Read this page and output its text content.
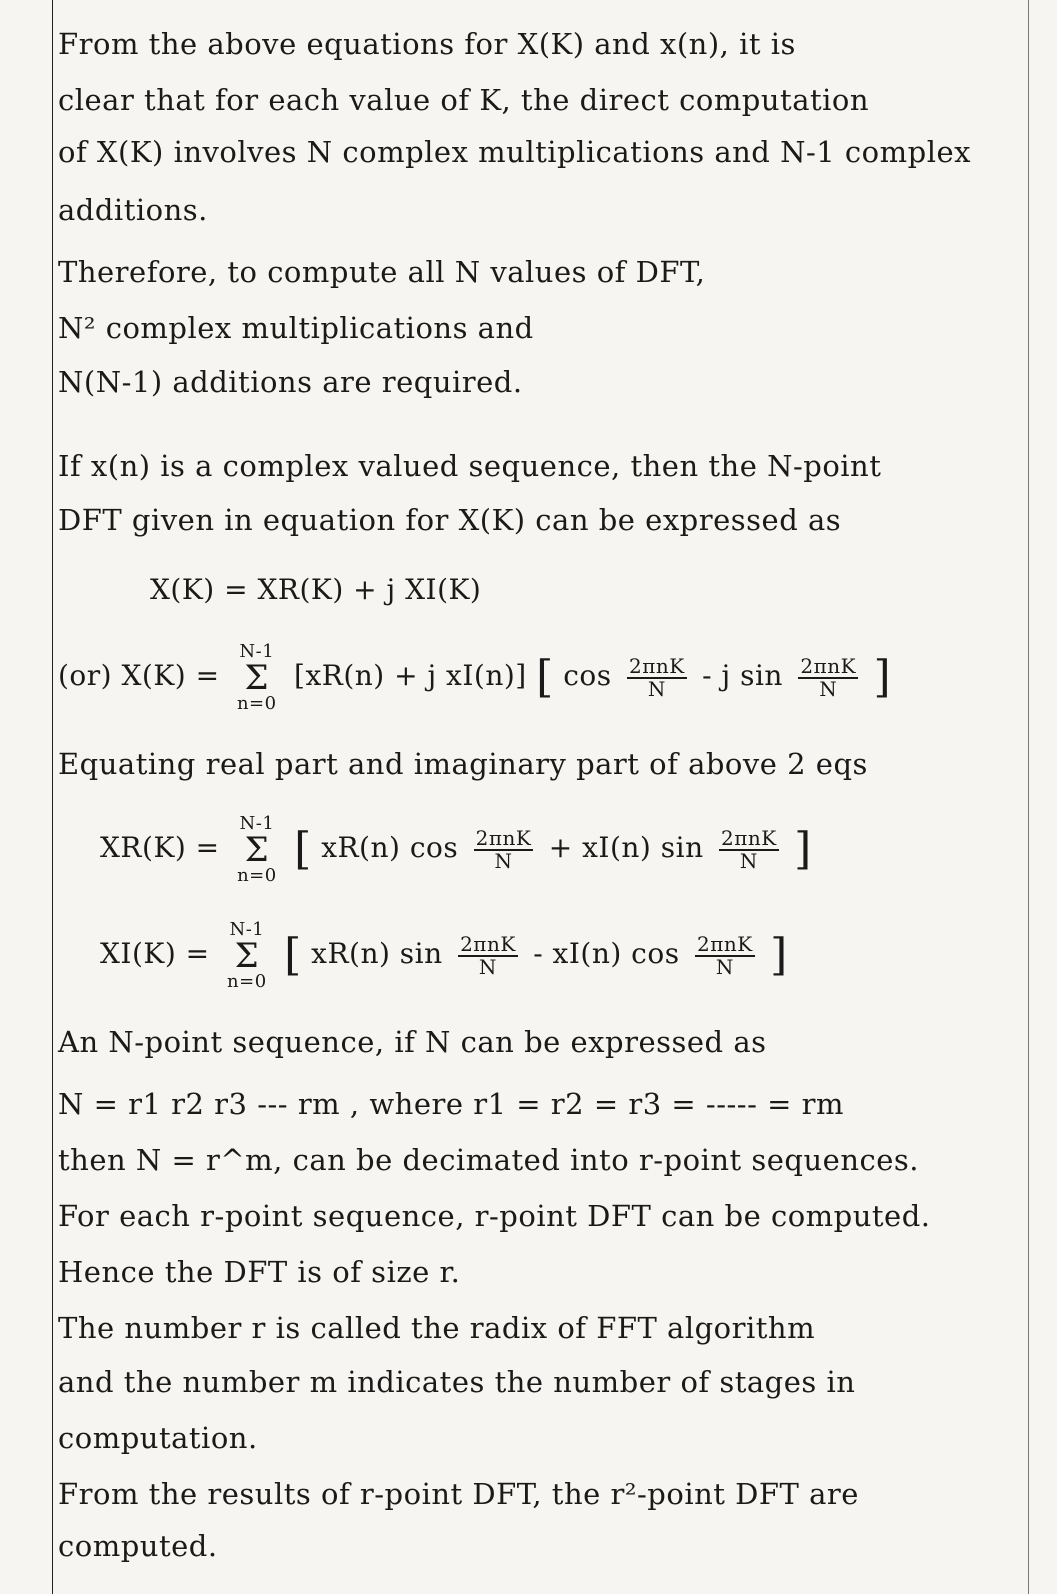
From the above equations for X(K) and x(n), it is
clear that for each value of K, the direct computation
of X(K) involves N complex multiplications and N-1 complex
additions.
Therefore, to compute all N values of DFT,
N² complex multiplications and
N(N-1) additions are required.
If x(n) is a complex valued sequence, then the N-point
DFT given in equation for X(K) can be expressed as
X(K) = XR(K) + j XI(K)
(or) X(K) =
N-1
Σ
n=0
[xR(n) + j xI(n)] [ $\cos \frac{\text{2πnK}}{N}$ - j $\sin \frac{\text{2πnK}}{N}$ ]
Equating real part and imaginary part of above 2 eqs
XR(K) =
N-1
Σ
n=0
[ xR(n) $\cos \frac{\text{2πnK}}{N} + xI(n)$ $\sin \frac{\text{2πnK}}{N}$ ]
XI(K) =
N-1
Σ
n=0
[ xR(n) $\sin \frac{\text{2πnK}}{N} - xI(n)$ $\cos \frac{\text{2πnK}}{N}$ ]
An N-point sequence, if N can be expressed as
N = r1 r2 r3 --- rm , where r1 = r2 = r3 = ----- = rm
then N = r^m, can be decimated into r-point sequences.
For each r-point sequence, r-point DFT can be computed.
Hence the DFT is of size r.
The number r is called the radix of FFT algorithm
and the number m indicates the number of stages in
computation.
From the results of r-point DFT, the r²-point DFT are
computed.
